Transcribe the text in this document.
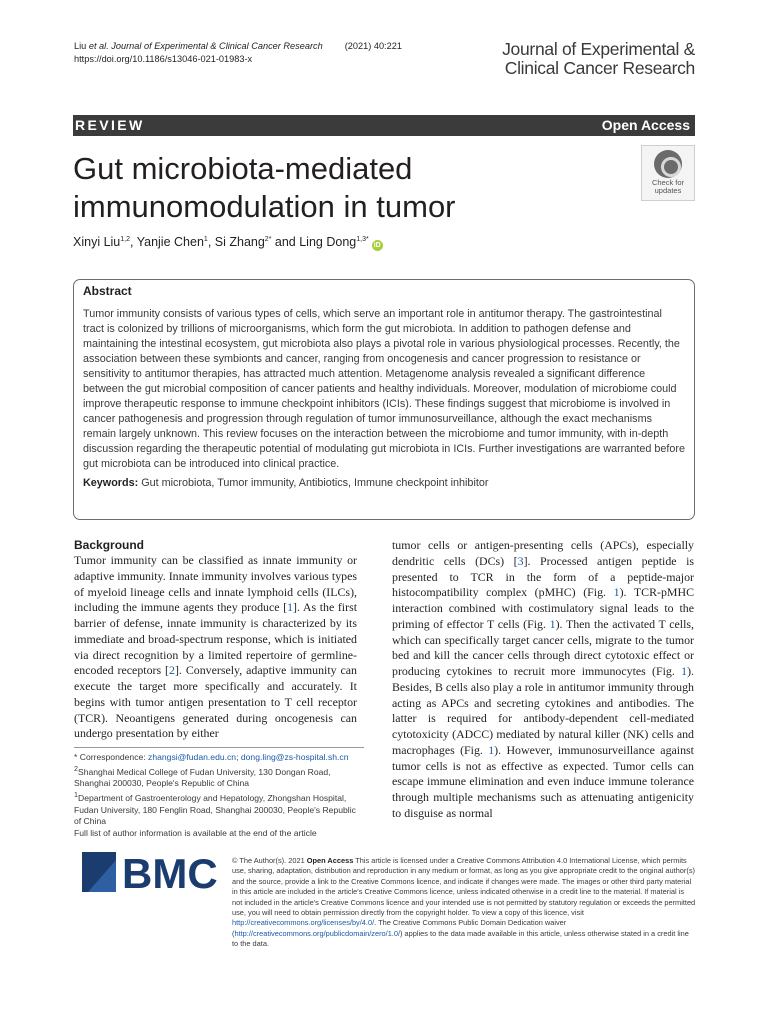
Liu et al. Journal of Experimental & Clinical Cancer Research (2021) 40:221
https://doi.org/10.1186/s13046-021-01983-x	Journal of Experimental &
Clinical Cancer Research
REVIEW	Open Access
Gut microbiota-mediated immunomodulation in tumor
Check for
updates
Xinyi Liu$^{1,2}$, Yanjie Chen$^1$, Si Zhang$^{2*}$ and Ling Dong$^{1,3*}$iD
Abstract

Tumor immunity consists of various types of cells, which serve an important role in antitumor therapy. The gastrointestinal tract is colonized by trillions of microorganisms, which form the gut microbiota. In addition to pathogen defense and maintaining the intestinal ecosystem, gut microbiota also plays a pivotal role in various physiological processes. Recently, the association between these symbionts and cancer, ranging from oncogenesis and cancer progression to resistance or sensitivity to antitumor therapies, has attracted much attention. Metagenome analysis revealed a significant difference between the gut microbial composition of cancer patients and healthy individuals. Moreover, modulation of microbiome could improve therapeutic response to immune checkpoint inhibitors (ICIs). These findings suggest that microbiome is involved in cancer pathogenesis and progression through regulation of tumor immunosurveillance, although the exact mechanisms remain largely unknown. This review focuses on the interaction between the microbiome and tumor immunity, with in-depth discussion regarding the therapeutic potential of modulating gut microbiota in ICIs. Further investigations are warranted before gut microbiota can be introduced into clinical practice.

Keywords: Gut microbiota, Tumor immunity, Antibiotics, Immune checkpoint inhibitor

Background

Tumor immunity can be classified as innate immunity or adaptive immunity. Innate immunity involves various types of myeloid lineage cells and innate lymphoid cells (ILCs), including the immune agents they produce [1]. As the first barrier of defense, innate immunity is characterized by its immediate and broad-spectrum response, which is initiated via direct recognition by a limited repertoire of germline-encoded receptors [2]. Conversely, adaptive immunity can execute the target more specifically and accurately. It begins with tumor antigen presentation to T cell receptor (TCR). Neoantigens generated during oncogenesis can undergo presentation by either

tumor cells or antigen-presenting cells (APCs), especially dendritic cells (DCs) [3]. Processed antigen peptide is presented to TCR in the form of a peptide-major histocompatibility complex (pMHC) (Fig. 1). TCR-pMHC interaction combined with costimulatory signal leads to the priming of effector T cells (Fig. 1). Then the activated T cells, which can specifically target cancer cells, migrate to the tumor bed and kill the cancer cells through direct cytotoxic effect or producing cytokines to recruit more immunocytes (Fig. 1). Besides, B cells also play a role in antitumor immunity through acting as APCs and secreting cytokines and antibodies. The latter is required for antibody-dependent cell-mediated cytotoxicity (ADCC) mediated by natural killer (NK) cells and macrophages (Fig. 1). However, immunosurveillance against tumor cells is not as effective as expected. Tumor cells can escape immune elimination and even induce immune tolerance through multiple mechanisms such as attenuating antigenicity to disguise as normal

* Correspondence: zhangsi@fudan.edu.cn; dong.ling@zs-hospital.sh.cn

$^2$Shanghai Medical College of Fudan University, 130 Dongan Road, Shanghai 200030, People's Republic of China

$^1$Department of Gastroenterology and Hepatology, Zhongshan Hospital, Fudan University, 180 Fenglin Road, Shanghai 200030, People's Republic of China

Full list of author information is available at the end of the article

BMC © The Author(s). 2021 Open Access This article is licensed under a Creative Commons Attribution 4.0 International License, which permits use, sharing, adaptation, distribution and reproduction in any medium or format, as long as you give appropriate credit to the original author(s) and the source, provide a link to the Creative Commons licence, and indicate if changes were made. The images or other third party material in this article are included in the article's Creative Commons licence, unless indicated otherwise in a credit line to the material. If material is not included in the article's Creative Commons licence and your intended use is not permitted by statutory regulation or exceeds the permitted use, you will need to obtain permission directly from the copyright holder. To view a copy of this licence, visit http://creativecommons.org/licenses/by/4.0/. The Creative Commons Public Domain Dedication waiver (http://creativecommons.org/publicdomain/zero/1.0/) applies to the data made available in this article, unless otherwise stated in a credit line to the data.
